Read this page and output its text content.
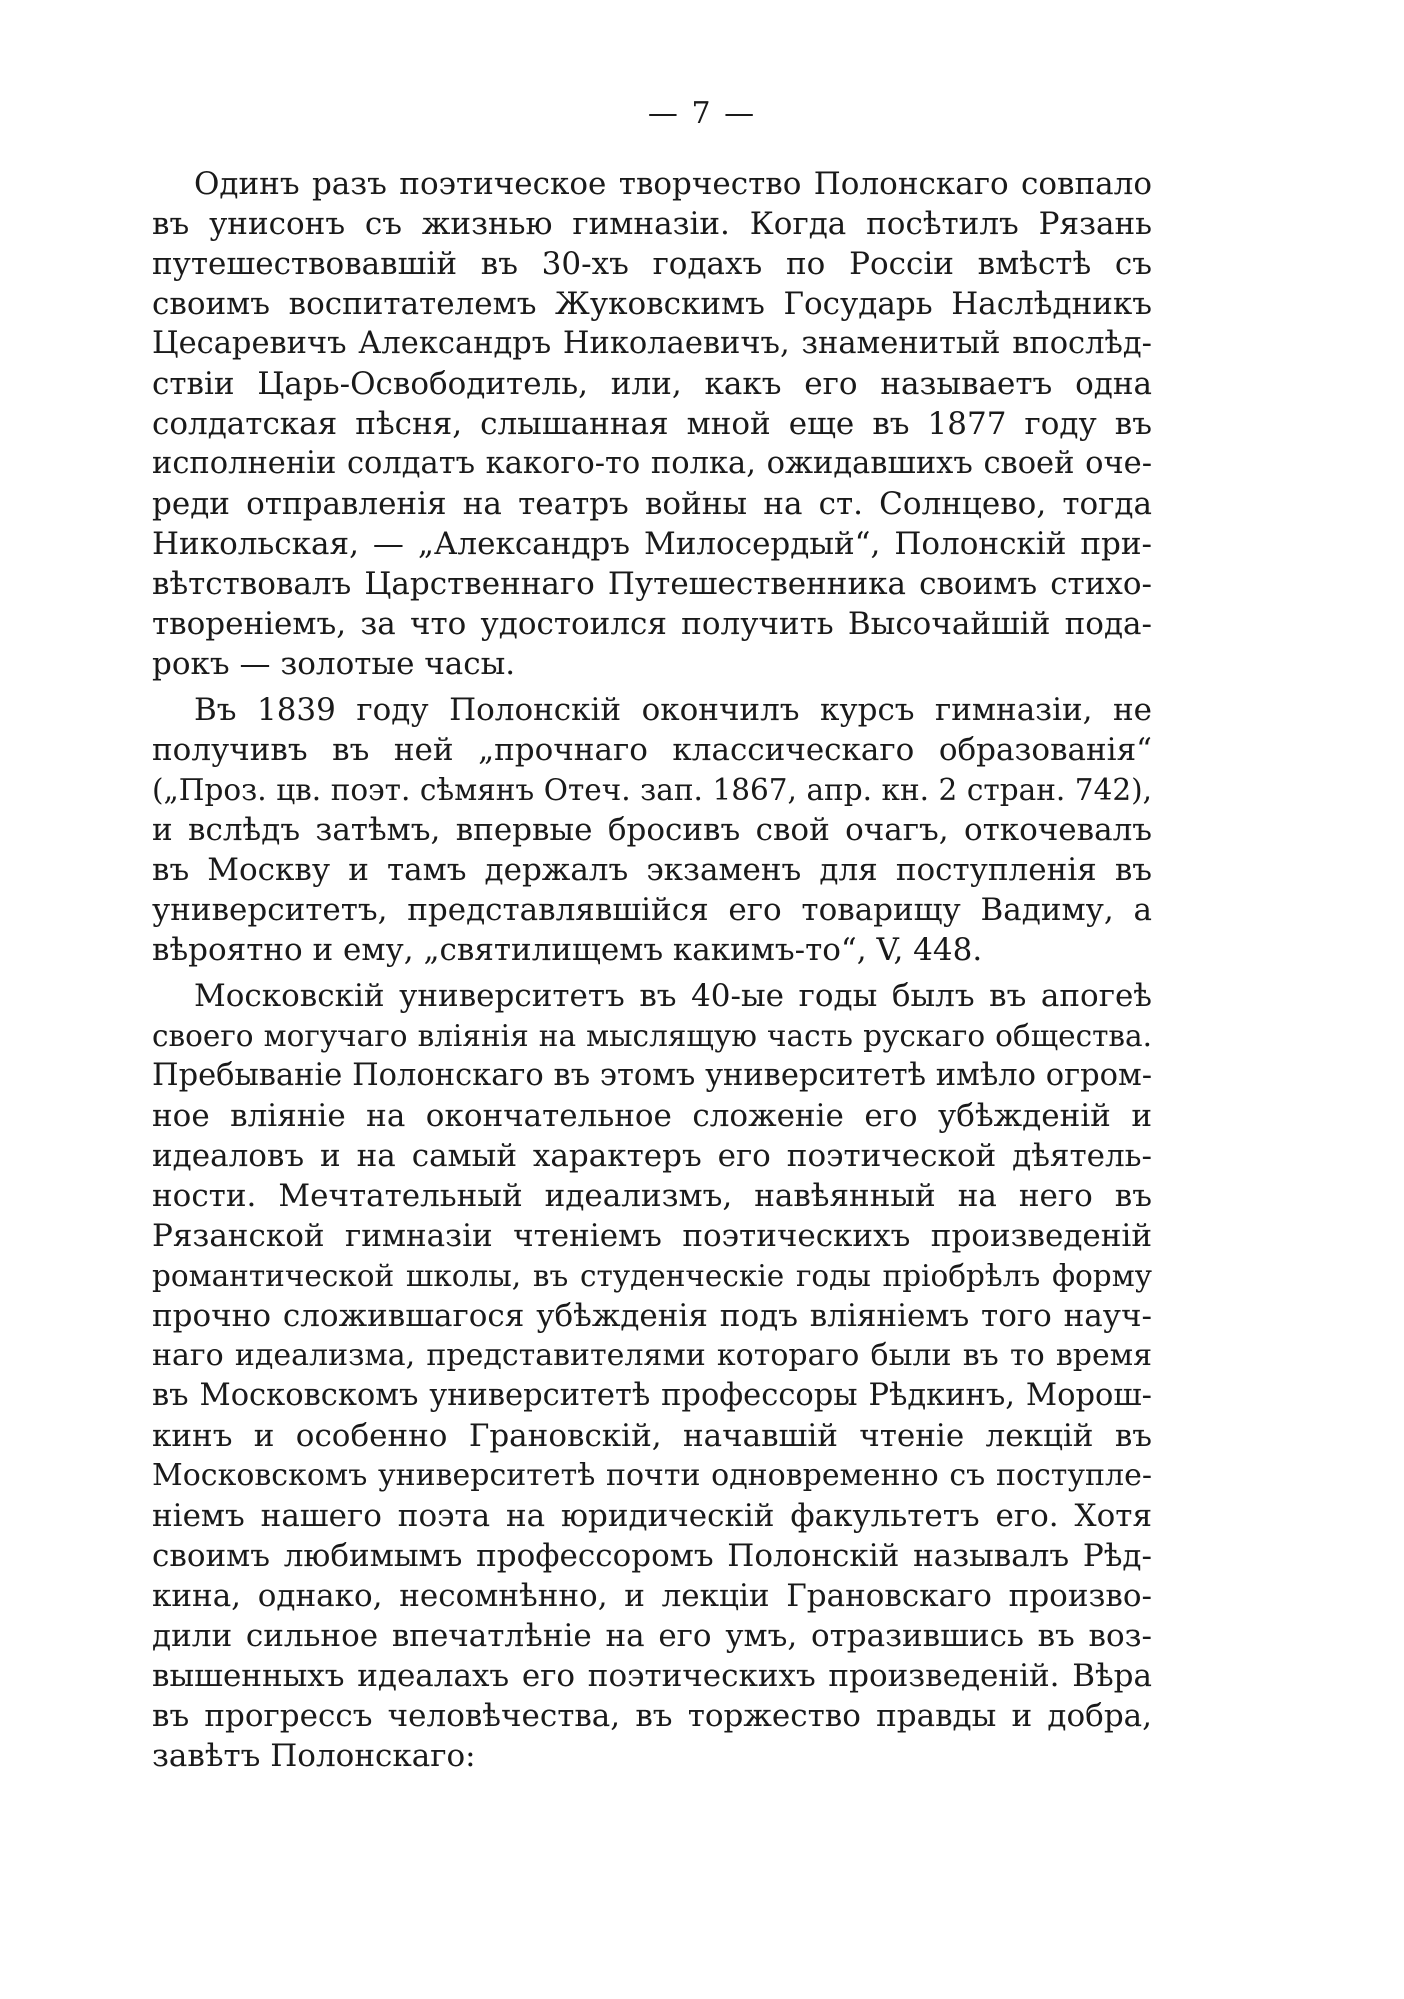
— 7 —
Одинъ разъ поэтическое творчество Полонскаго совпало
въ унисонъ съ жизнью гимназіи. Когда посѣтилъ Рязань
путешествовавшій въ 30-хъ годахъ по Россіи вмѣстѣ съ
своимъ воспитателемъ Жуковскимъ Государь Наслѣдникъ
Цесаревичъ Александръ Николаевичъ, знаменитый впослѣд-
ствіи Царь-Освободитель, или, какъ его называетъ одна
солдатская пѣсня, слышанная мной еще въ 1877 году въ
исполненіи солдатъ какого-то полка, ожидавшихъ своей оче-
реди отправленія на театръ войны на ст. Солнцево, тогда
Никольская, — „Александръ Милосердый“, Полонскій при-
вѣтствовалъ Царственнаго Путешественника своимъ стихо-
твореніемъ, за что удостоился получить Высочайшій пода-
рокъ — золотые часы.
Въ 1839 году Полонскій окончилъ курсъ гимназіи, не
получивъ въ ней „прочнаго классическаго образованія“
(„Проз. цв. поэт. сѣмянъ Отеч. зап. 1867, апр. кн. 2 стран. 742),
и вслѣдъ затѣмъ, впервые бросивъ свой очагъ, откочевалъ
въ Москву и тамъ держалъ экзаменъ для поступленія въ
университетъ, представлявшійся его товарищу Вадиму, а
вѣроятно и ему, „святилищемъ какимъ-то“, V, 448.
Московскій университетъ въ 40-ые годы былъ въ апогеѣ
своего могучаго вліянія на мыслящую часть рускаго общества.
Пребываніе Полонскаго въ этомъ университетѣ имѣло огром-
ное вліяніе на окончательное сложеніе его убѣжденій и
идеаловъ и на самый характеръ его поэтической дѣятель-
ности. Мечтательный идеализмъ, навѣянный на него въ
Рязанской гимназіи чтеніемъ поэтическихъ произведеній
романтической школы, въ студенческіе годы пріобрѣлъ форму
прочно сложившагося убѣжденія подъ вліяніемъ того науч-
наго идеализма, представителями котораго были въ то время
въ Московскомъ университетѣ профессоры Рѣдкинъ, Морош-
кинъ и особенно Грановскій, начавшій чтеніе лекцій въ
Московскомъ университетѣ почти одновременно съ поступле-
ніемъ нашего поэта на юридическій факультетъ его. Хотя
своимъ любимымъ профессоромъ Полонскій называлъ Рѣд-
кина, однако, несомнѣнно, и лекціи Грановскаго произво-
дили сильное впечатлѣніе на его умъ, отразившись въ воз-
вышенныхъ идеалахъ его поэтическихъ произведеній. Вѣра
въ прогрессъ человѣчества, въ торжество правды и добра,
завѣтъ Полонскаго:
